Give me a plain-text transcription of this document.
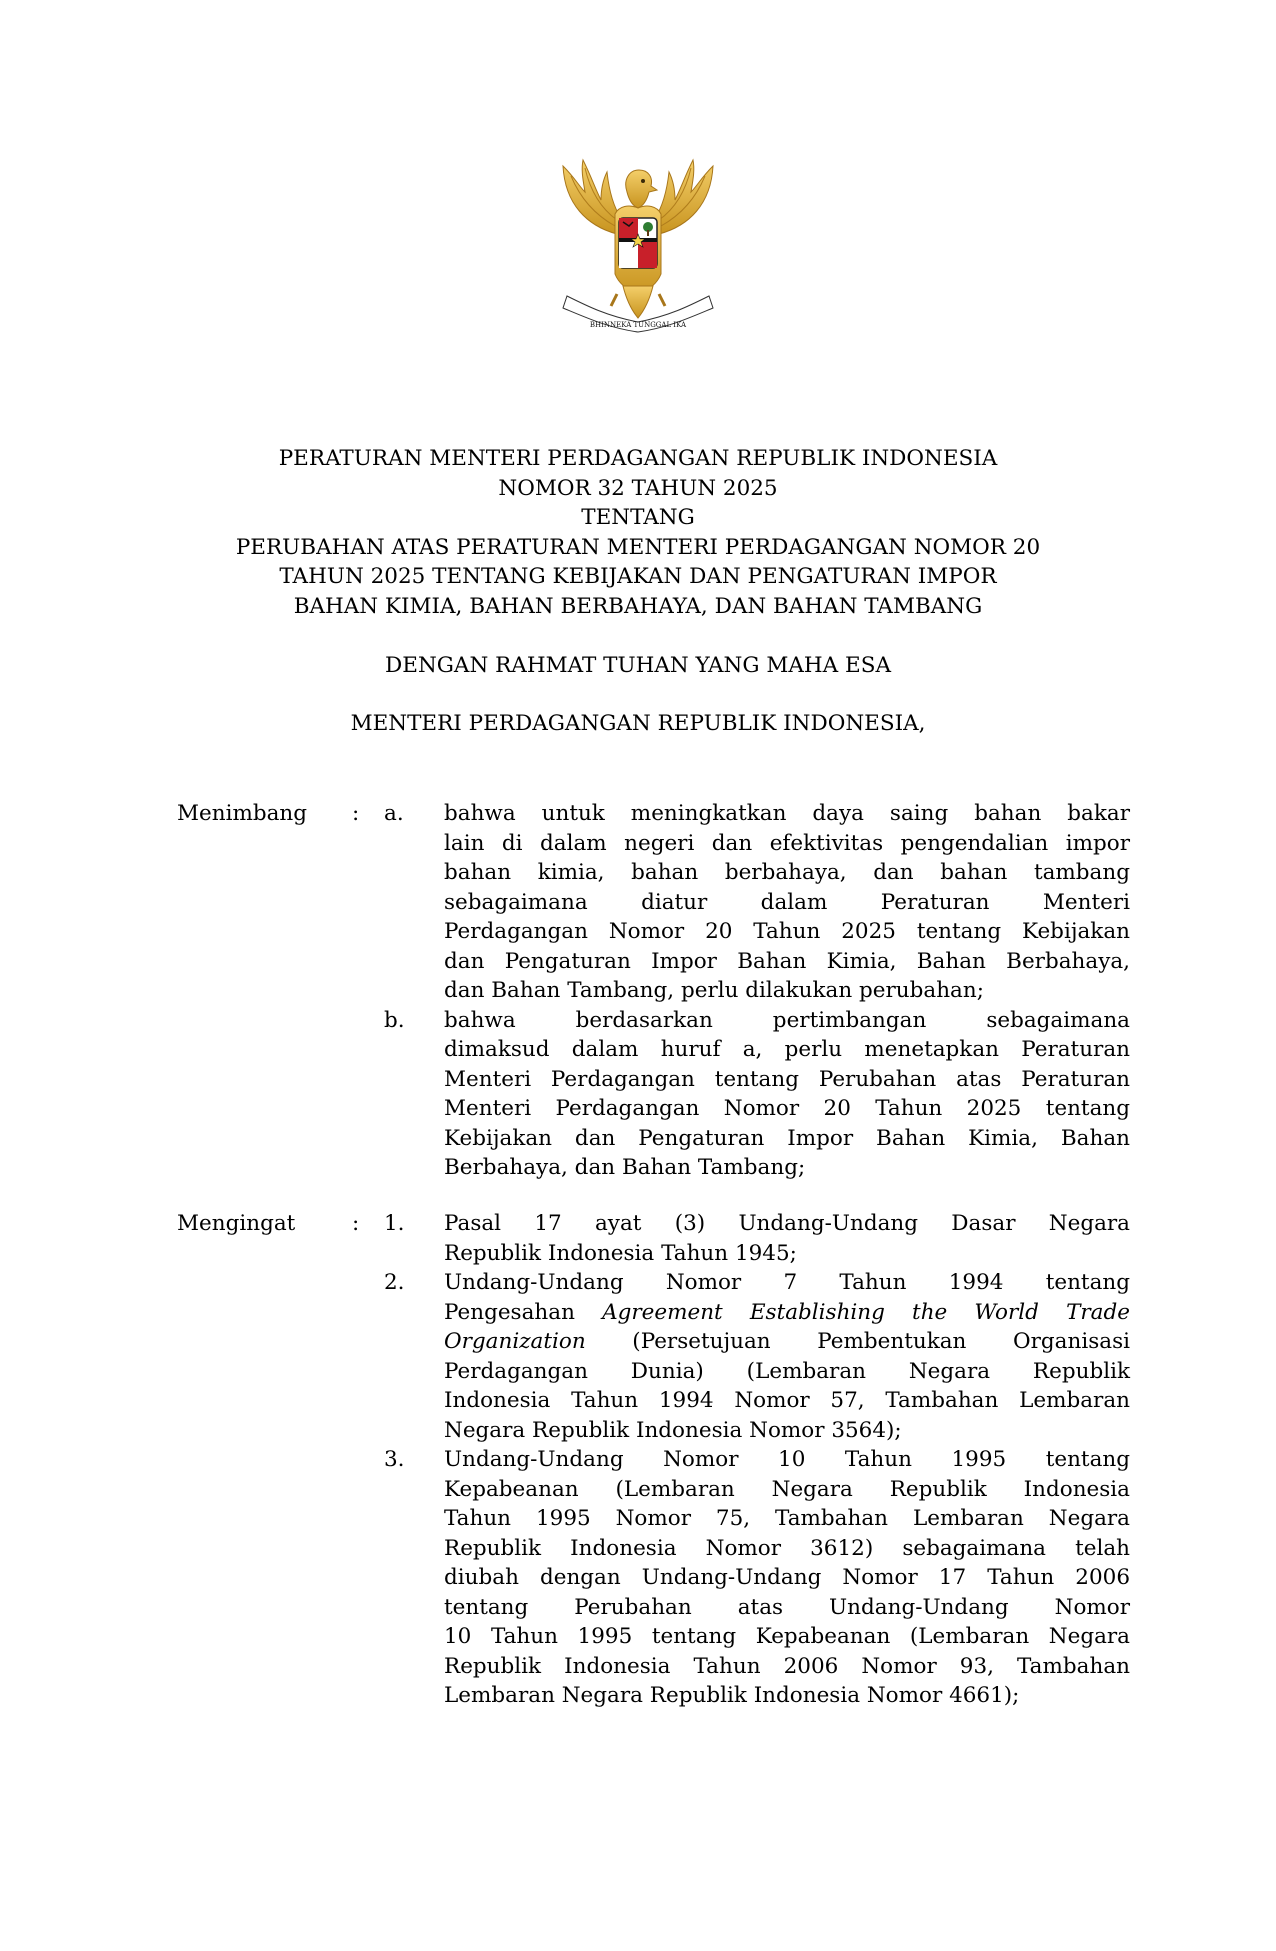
BHINNEKA TUNGGAL IKA
PERATURAN MENTERI PERDAGANGAN REPUBLIK INDONESIA
NOMOR 32 TAHUN 2025
TENTANG
PERUBAHAN ATAS PERATURAN MENTERI PERDAGANGAN NOMOR 20
TAHUN 2025 TENTANG KEBIJAKAN DAN PENGATURAN IMPOR
BAHAN KIMIA, BAHAN BERBAHAYA, DAN BAHAN TAMBANG
DENGAN RAHMAT TUHAN YANG MAHA ESA
MENTERI PERDAGANGAN REPUBLIK INDONESIA,
Menimbang : a. bahwa untuk meningkatkan daya saing bahan bakar
lain di dalam negeri dan efektivitas pengendalian impor
bahan kimia, bahan berbahaya, dan bahan tambang
sebagaimana diatur dalam Peraturan Menteri
Perdagangan Nomor 20 Tahun 2025 tentang Kebijakan
dan Pengaturan Impor Bahan Kimia, Bahan Berbahaya,
dan Bahan Tambang, perlu dilakukan perubahan;
b. bahwa berdasarkan pertimbangan sebagaimana
dimaksud dalam huruf a, perlu menetapkan Peraturan
Menteri Perdagangan tentang Perubahan atas Peraturan
Menteri Perdagangan Nomor 20 Tahun 2025 tentang
Kebijakan dan Pengaturan Impor Bahan Kimia, Bahan
Berbahaya, dan Bahan Tambang;
Mengingat	: 1. Pasal 17 ayat (3) Undang-Undang Dasar Negara
Republik Indonesia Tahun 1945;
2. Undang-Undang Nomor 7 Tahun 1994 tentang
Pengesahan Agreement Establishing the World Trade
Organization (Persetujuan Pembentukan Organisasi
Perdagangan Dunia) (Lembaran Negara Republik
Indonesia Tahun 1994 Nomor 57, Tambahan Lembaran
Negara Republik Indonesia Nomor 3564);
3. Undang-Undang Nomor 10 Tahun 1995 tentang
Kepabeanan (Lembaran Negara Republik Indonesia
Tahun 1995 Nomor 75, Tambahan Lembaran Negara
Republik Indonesia Nomor 3612) sebagaimana telah
diubah dengan Undang-Undang Nomor 17 Tahun 2006
tentang Perubahan atas Undang-Undang Nomor
10 Tahun 1995 tentang Kepabeanan (Lembaran Negara
Republik Indonesia Tahun 2006 Nomor 93, Tambahan
Lembaran Negara Republik Indonesia Nomor 4661);
